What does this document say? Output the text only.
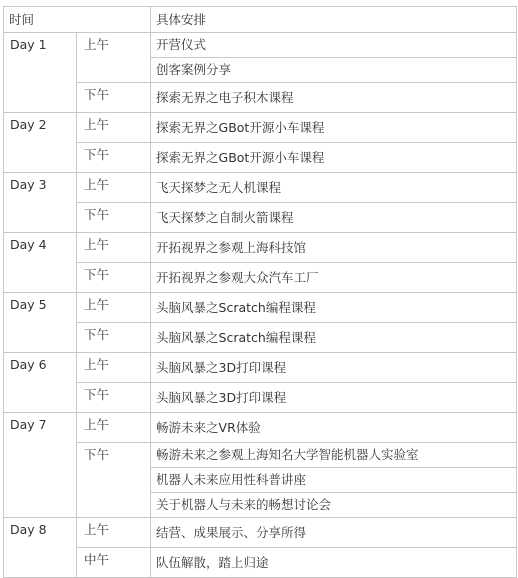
时间		具体安排
Day 1	上午	开营仪式
		创客案例分享
	下午	探索无界之电子积木课程
Day 2	上午	探索无界之GBot开源小车课程
	下午	探索无界之GBot开源小车课程
Day 3	上午	飞天探梦之无人机课程
	下午	飞天探梦之自制火箭课程
Day 4	上午	开拓视界之参观上海科技馆
	下午	开拓视界之参观大众汽车工厂
Day 5	上午	头脑风暴之Scratch编程课程
	下午	头脑风暴之Scratch编程课程
Day 6	上午	头脑风暴之3D打印课程
	下午	头脑风暴之3D打印课程
Day 7	上午	畅游未来之VR体验
	下午	畅游未来之参观上海知名大学智能机器人实验室
		机器人未来应用性科普讲座
		关于机器人与未来的畅想讨论会
Day 8	上午	结营、成果展示、分享所得
	中午	队伍解散，踏上归途
